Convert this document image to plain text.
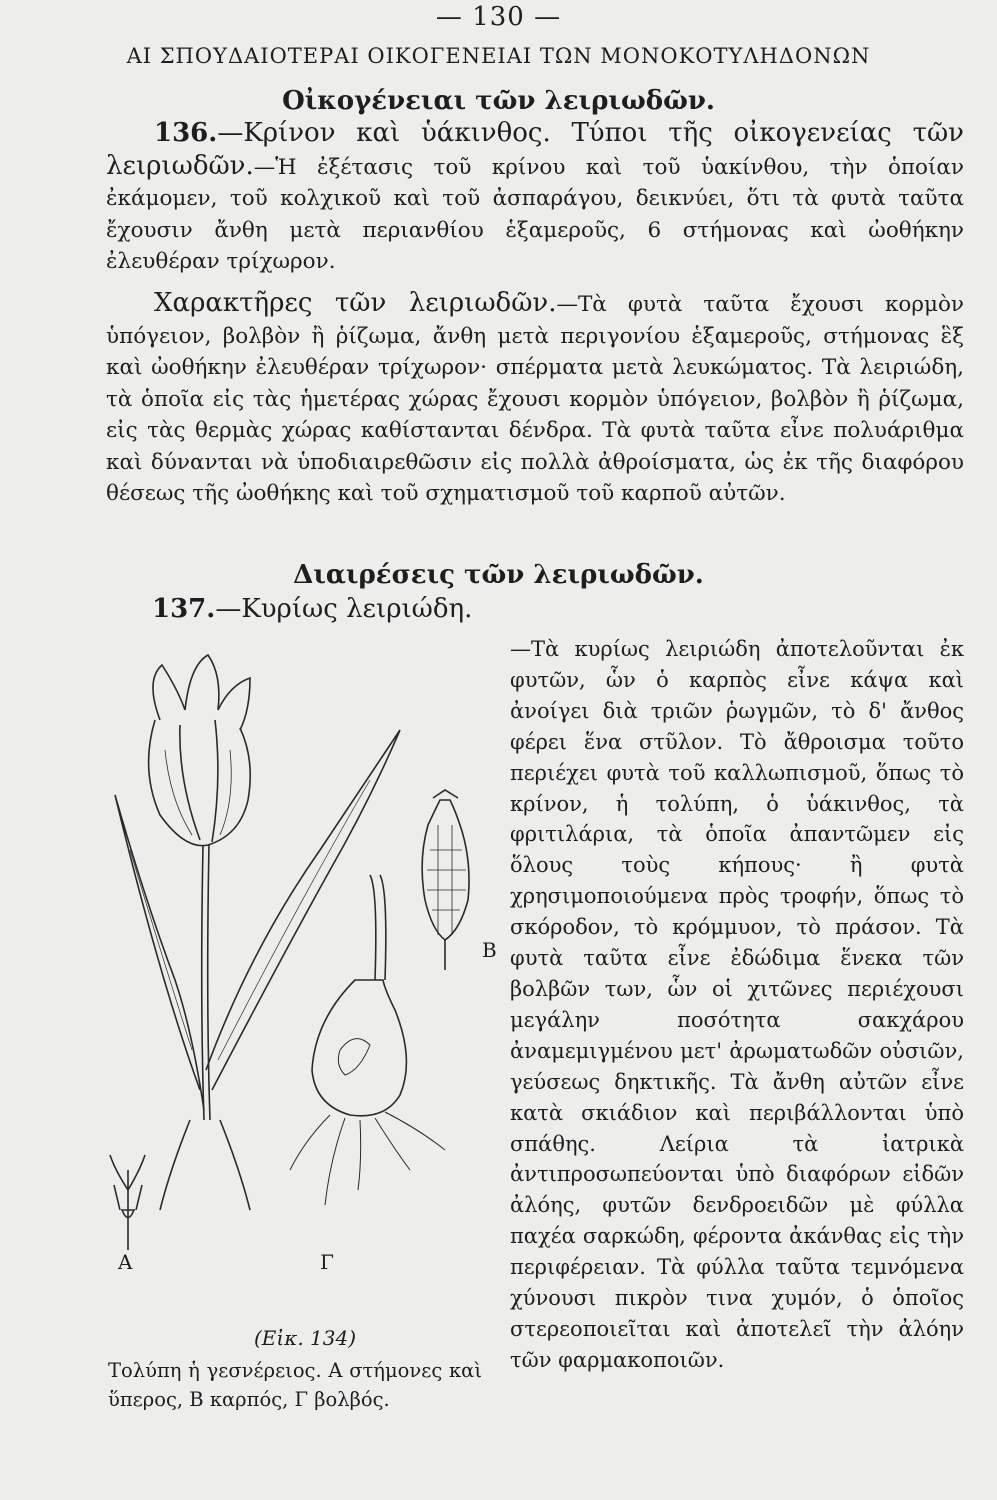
— 130 —
ΑΙ ΣΠΟΥΔΑΙΟΤΕΡΑΙ ΟΙΚΟΓΕΝΕΙΑΙ ΤΩΝ ΜΟΝΟΚΟΤΥΛΗΔΟΝΩΝ
Οἰκογένειαι τῶν λειριωδῶν.
136.—Κρίνον καὶ ὑάκινθος. Τύποι τῆς οἰκογενείας τῶν λειριωδῶν.—Ἡ ἐξέτασις τοῦ κρίνου καὶ τοῦ ὑακίνθου, τὴν ὁποίαν ἐκάμομεν, τοῦ κολχικοῦ καὶ τοῦ ἀσπαράγου, δεικνύει, ὅτι τὰ φυτὰ ταῦτα ἔχουσιν ἄνθη μετὰ περιανθίου ἑξαμεροῦς, 6 στήμονας καὶ ὠοθήκην ἐλευθέραν τρίχωρον.
Χαρακτῆρες τῶν λειριωδῶν.—Τὰ φυτὰ ταῦτα ἔχουσι κορμὸν ὑπόγειον, βολβὸν ἢ ῥίζωμα, ἄνθη μετὰ περιγονίου ἑξαμεροῦς, στήμονας ἓξ καὶ ὠοθήκην ἐλευθέραν τρίχωρον· σπέρματα μετὰ λευκώματος. Τὰ λειριώδη, τὰ ὁποῖα εἰς τὰς ἡμετέρας χώρας ἔχουσι κορμὸν ὑπόγειον, βολβὸν ἢ ῥίζωμα, εἰς τὰς θερμὰς χώρας καθίστανται δένδρα. Τὰ φυτὰ ταῦτα εἶνε πολυάριθμα καὶ δύνανται νὰ ὑποδιαιρεθῶσιν εἰς πολλὰ ἀθροίσματα, ὡς ἐκ τῆς διαφόρου θέσεως τῆς ὠοθήκης καὶ τοῦ σχηματισμοῦ τοῦ καρποῦ αὐτῶν.
Διαιρέσεις τῶν λειριωδῶν.
137.—Κυρίως λειριώδη.
—Τὰ κυρίως λειριώδη ἀποτελοῦνται ἐκ φυτῶν, ὧν ὁ καρπὸς εἶνε κάψα καὶ ἀνοίγει διὰ τριῶν ῥωγμῶν, τὸ δ' ἄνθος φέρει ἕνα στῦλον. Τὸ ἄθροισμα τοῦτο περιέχει φυτὰ τοῦ καλλωπισμοῦ, ὅπως τὸ κρίνον, ἡ τολύπη, ὁ ὑάκινθος, τὰ φριτιλάρια, τὰ ὁποῖα ἀπαντῶμεν εἰς ὅλους τοὺς κήπους· ἢ φυτὰ χρησιμοποιούμενα πρὸς τροφήν, ὅπως τὸ σκόροδον, τὸ κρόμμυον, τὸ πράσον. Τὰ φυτὰ ταῦτα εἶνε ἐδώδιμα ἕνεκα τῶν βολβῶν των, ὧν οἱ χιτῶνες περιέχουσι μεγάλην ποσότητα σακχάρου ἀναμεμιγμένου μετ' ἀρωματωδῶν οὐσιῶν, γεύσεως δηκτικῆς. Τὰ ἄνθη αὐτῶν εἶνε κατὰ σκιάδιον καὶ περιβάλλονται ὑπὸ σπάθης. Λείρια τὰ ἰατρικὰ ἀντιπροσωπεύονται ὑπὸ διαφόρων εἰδῶν ἀλόης, φυτῶν δενδροειδῶν μὲ φύλλα παχέα σαρκώδη, φέροντα ἀκάνθας εἰς τὴν περιφέρειαν. Τὰ φύλλα ταῦτα τεμνόμενα χύνουσι πικρὸν τινα χυμόν, ὁ ὁποῖος στερεοποιεῖται καὶ ἀποτελεῖ τὴν ἀλόην τῶν φαρμακοποιῶν.
Α
Β
Γ
(Εἰκ. 134)
Τολύπη ἡ γεσνέρειος. Α στήμονες καὶ ὕπερος, Β καρπός, Γ βολβός.
